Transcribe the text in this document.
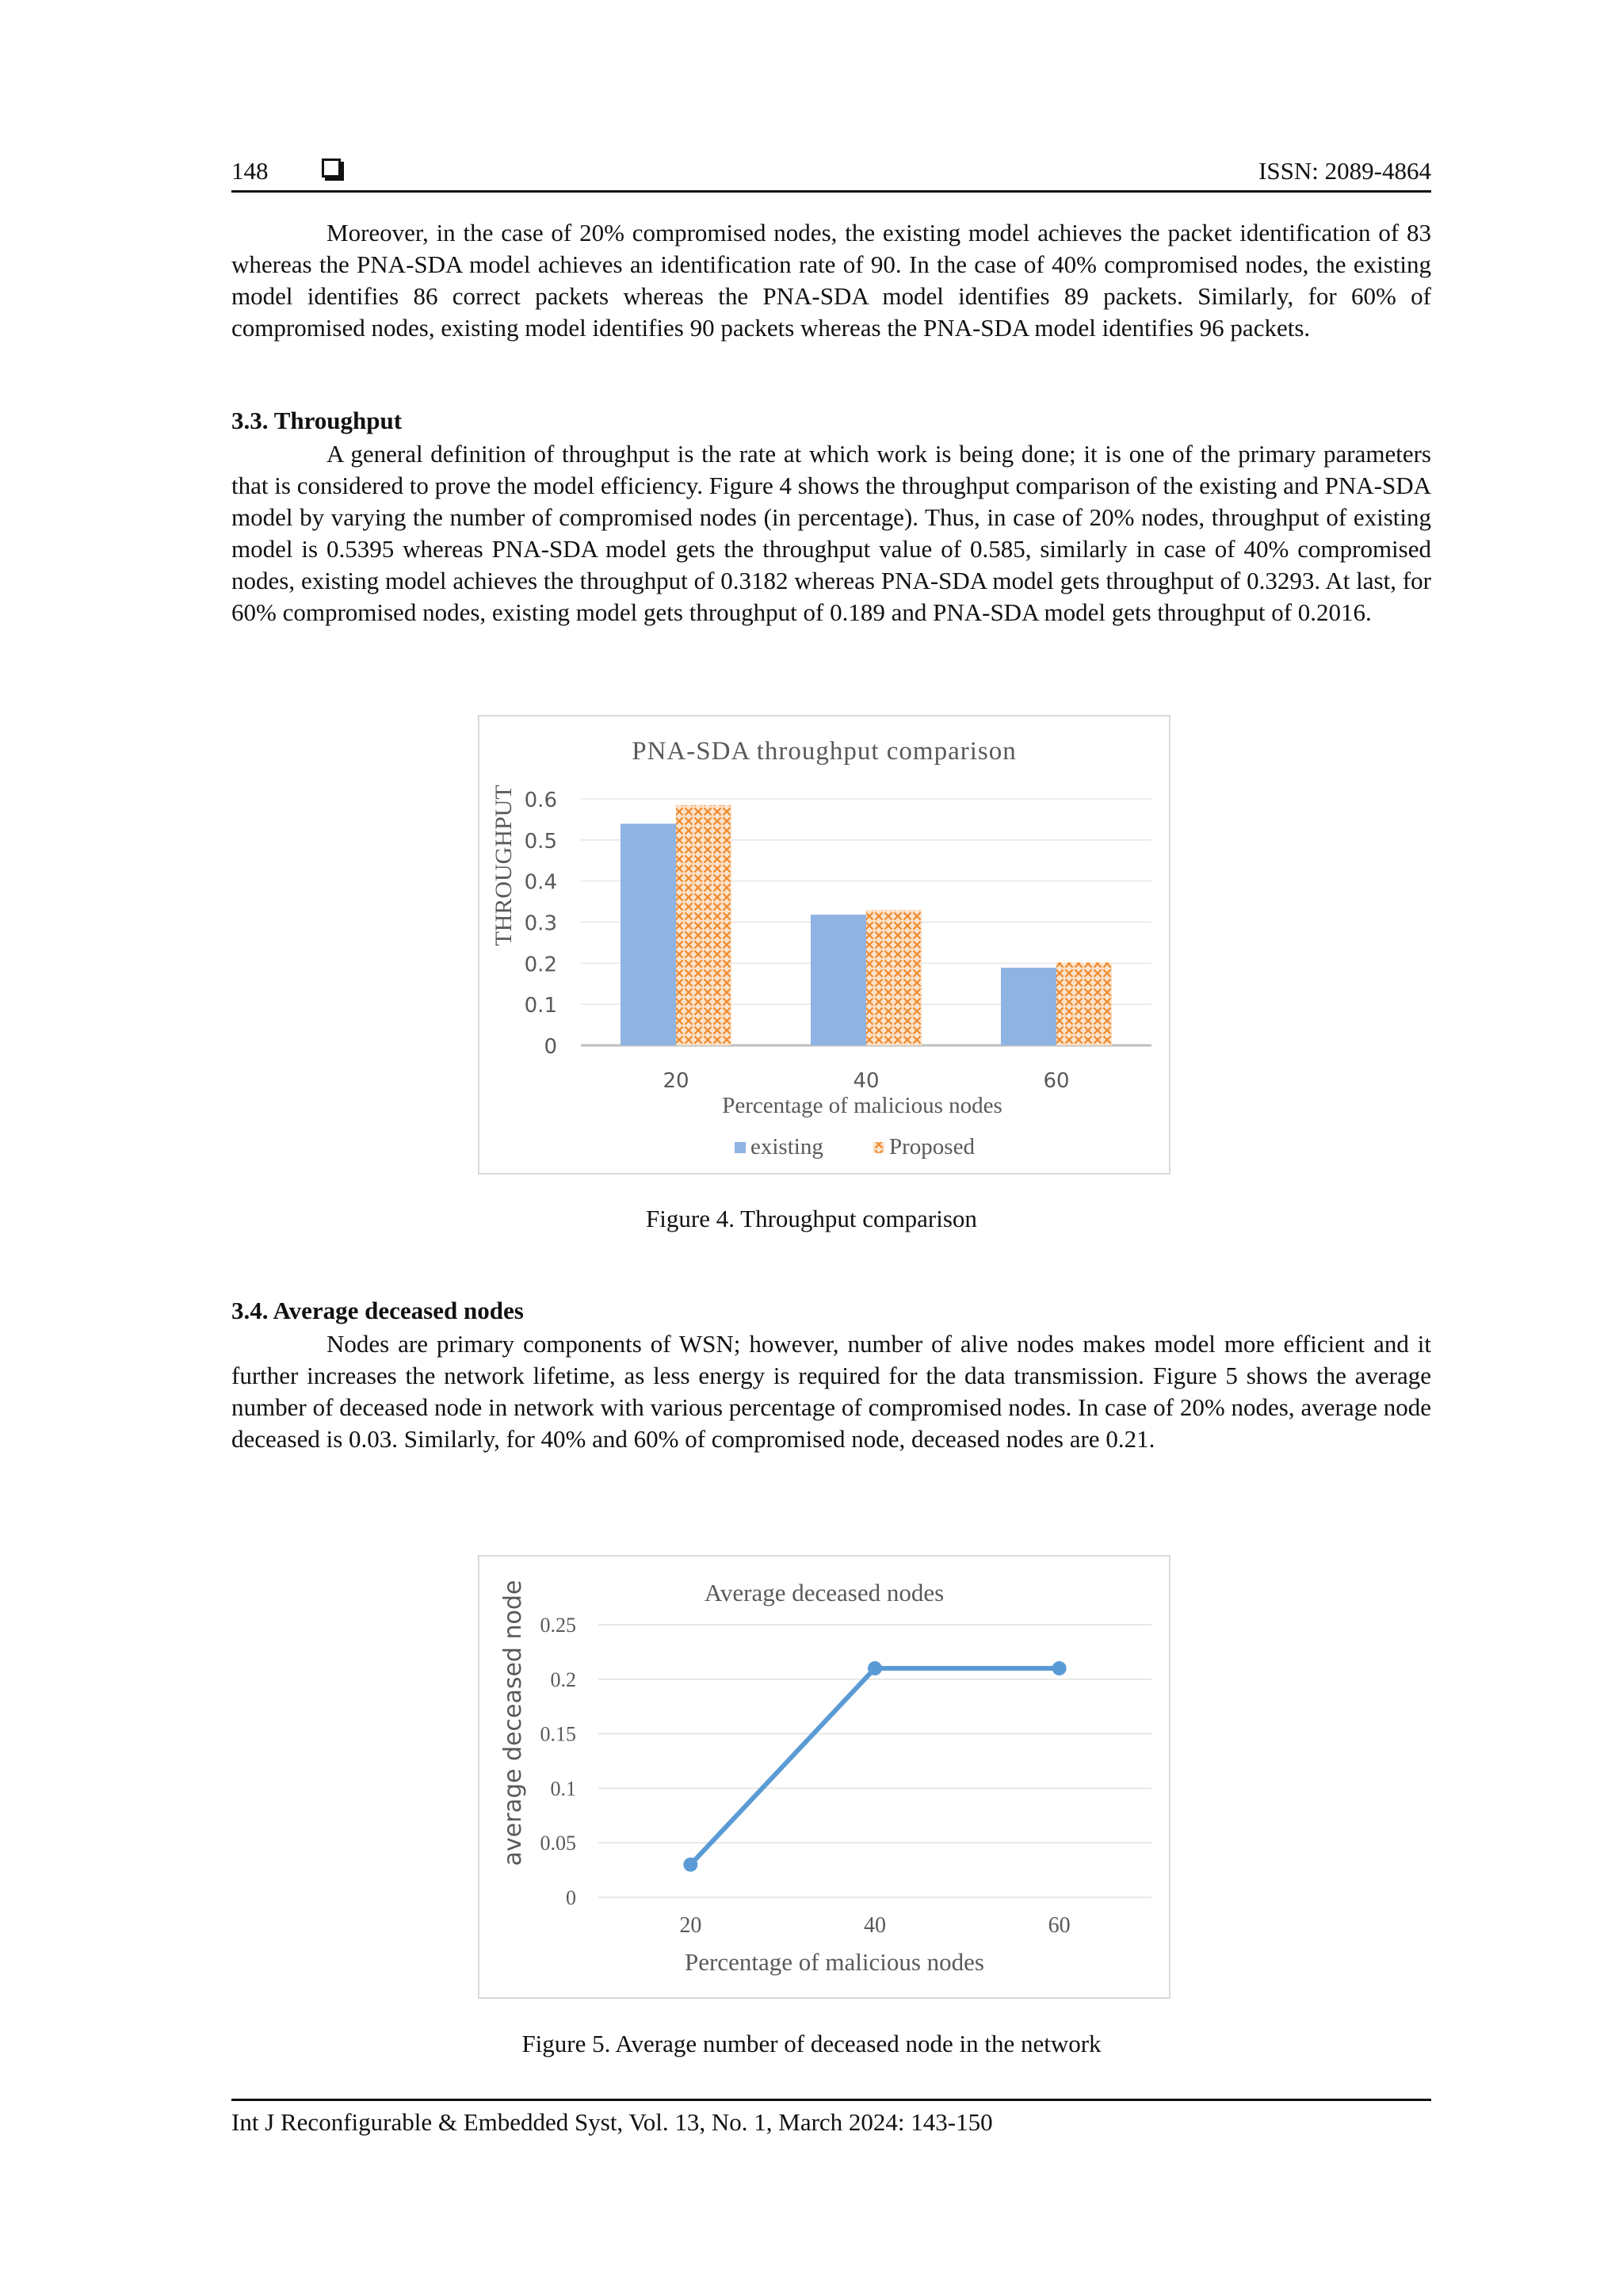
148	ISSN: 2089-4864

Moreover, in the case of 20% compromised nodes, the existing model achieves the packet identification of 83 whereas the PNA-SDA model achieves an identification rate of 90. In the case of 40% compromised nodes, the existing model identifies 86 correct packets whereas the PNA-SDA model identifies 89 packets. Similarly, for 60% of compromised nodes, existing model identifies 90 packets whereas the PNA-SDA model identifies 96 packets.

3.3. Throughput

A general definition of throughput is the rate at which work is being done; it is one of the primary parameters that is considered to prove the model efficiency. Figure 4 shows the throughput comparison of the existing and PNA-SDA model by varying the number of compromised nodes (in percentage). Thus, in case of 20% nodes, throughput of existing model is 0.5395 whereas PNA-SDA model gets the throughput value of 0.585, similarly in case of 40% compromised nodes, existing model achieves the throughput of 0.3182 whereas PNA-SDA model gets throughput of 0.3293. At last, for 60% compromised nodes, existing model gets throughput of 0.189 and PNA-SDA model gets throughput of 0.2016.

PNA-SDA throughput comparison
0
0.1
0.2
0.3
0.4
0.5
0.6
20	40	60
THROUGHPUT
Percentage of malicious nodes
existing	Proposed
Figure 4. Throughput comparison
3.4. Average deceased nodes

Nodes are primary components of WSN; however, number of alive nodes makes model more efficient and it further increases the network lifetime, as less energy is required for the data transmission. Figure 5 shows the average number of deceased node in network with various percentage of compromised nodes. In case of 20% nodes, average node deceased is 0.03. Similarly, for 40% and 60% of compromised node, deceased nodes are 0.21.

Average deceased nodes
0
0.05
0.1
0.15
0.2
0.25
20	40	60
average deceased node
Percentage of malicious nodes
Figure 5. Average number of deceased node in the network
Int J Reconfigurable & Embedded Syst, Vol. 13, No. 1, March 2024: 143-150
